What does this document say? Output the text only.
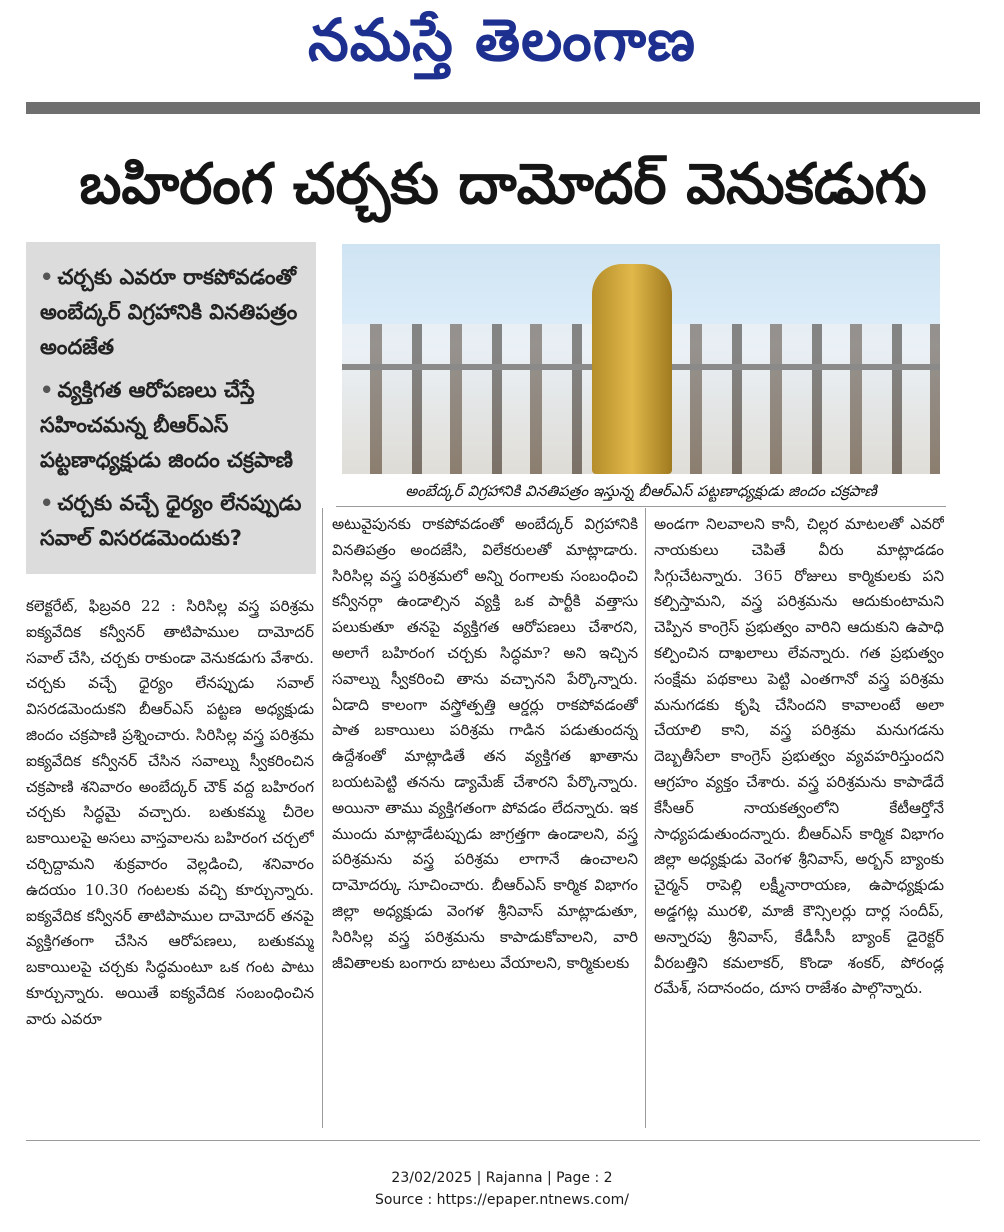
నమస్తే తెలంగాణ
బహిరంగ చర్చకు దామోదర్ వెనుకడుగు
• చర్చకు ఎవరూ రాకపోవడంతో అంబేద్కర్ విగ్రహానికి వినతిపత్రం అందజేత
• వ్యక్తిగత ఆరోపణలు చేస్తే సహించమన్న బీఆర్ఎస్ పట్టణాధ్యక్షుడు జిందం చక్రపాణి
• చర్చకు వచ్చే ధైర్యం లేనప్పుడు సవాల్ విసరడమెందుకు?
అంబేద్కర్ విగ్రహానికి వినతిపత్రం ఇస్తున్న బీఆర్ఎస్ పట్టణాధ్యక్షుడు జిందం చక్రపాణి
కలెక్టరేట్, ఫిబ్రవరి 22 : సిరిసిల్ల వస్త్ర పరిశ్రమ ఐక్యవేదిక కన్వీనర్ తాటిపాముల దామోదర్ సవాల్ చేసి, చర్చకు రాకుండా వెనుకడుగు వేశారు. చర్చకు వచ్చే ధైర్యం లేనప్పుడు సవాల్ విసరడమెందుకని బీఆర్ఎస్ పట్టణ అధ్యక్షుడు జిందం చక్రపాణి ప్రశ్నించారు. సిరిసిల్ల వస్త్ర పరిశ్రమ ఐక్యవేదిక కన్వీనర్ చేసిన సవాల్ను స్వీకరించిన చక్రపాణి శనివారం అంబేద్కర్ చౌక్ వద్ద బహిరంగ చర్చకు సిద్ధమై వచ్చారు. బతుకమ్మ చీరెల బకాయిలపై అసలు వాస్తవాలను బహిరంగ చర్చలో చర్చిద్దామని శుక్రవారం వెల్లడించి, శనివారం ఉదయం 10.30 గంటలకు వచ్చి కూర్చున్నారు. ఐక్యవేదిక కన్వీనర్ తాటిపాముల దామోదర్ తనపై వ్యక్తిగతంగా చేసిన ఆరోపణలు, బతుకమ్మ బకాయిలపై చర్చకు సిద్ధమంటూ ఒక గంట పాటు కూర్చున్నారు. అయితే ఐక్యవేదిక సంబంధించిన వారు ఎవరూ
అటువైపునకు రాకపోవడంతో అంబేద్కర్ విగ్రహానికి వినతిపత్రం అందజేసి, విలేకరులతో మాట్లాడారు. సిరిసిల్ల వస్త్ర పరిశ్రమలో అన్ని రంగాలకు సంబంధించి కన్వీనర్గా ఉండాల్సిన వ్యక్తి ఒక పార్టీకి వత్తాసు పలుకుతూ తనపై వ్యక్తిగత ఆరోపణలు చేశారని, అలాగే బహిరంగ చర్చకు సిద్ధమా? అని ఇచ్చిన సవాల్ను స్వీకరించి తాను వచ్చానని పేర్కొన్నారు. ఏడాది కాలంగా వస్త్రోత్పత్తి ఆర్డర్లు రాకపోవడంతో పాత బకాయిలు పరిశ్రమ గాడిన పడుతుందన్న ఉద్దేశంతో మాట్లాడితే తన వ్యక్తిగత ఖాతాను బయటపెట్టి తనను డ్యామేజ్ చేశారని పేర్కొన్నారు. అయినా తాము వ్యక్తిగతంగా పోవడం లేదన్నారు. ఇక ముందు మాట్లాడేటప్పుడు జాగ్రత్తగా ఉండాలని, వస్త్ర పరిశ్రమను వస్త్ర పరిశ్రమ లాగానే ఉంచాలని దామోదర్కు సూచించారు. బీఆర్ఎస్ కార్మిక విభాగం జిల్లా అధ్యక్షుడు వెంగళ శ్రీనివాస్ మాట్లాడుతూ, సిరిసిల్ల వస్త్ర పరిశ్రమను కాపాడుకోవాలని, వారి జీవితాలకు బంగారు బాటలు వేయాలని, కార్మికులకు
అండగా నిలవాలని కానీ, చిల్లర మాటలతో ఎవరో నాయకులు చెపితే వీరు మాట్లాడడం సిగ్గుచేటన్నారు. 365 రోజులు కార్మికులకు పని కల్పిస్తామని, వస్త్ర పరిశ్రమను ఆదుకుంటామని చెప్పిన కాంగ్రెస్ ప్రభుత్వం వారిని ఆదుకుని ఉపాధి కల్పించిన దాఖలాలు లేవన్నారు. గత ప్రభుత్వం సంక్షేమ పథకాలు పెట్టి ఎంతగానో వస్త్ర పరిశ్రమ మనుగడకు కృషి చేసిందని కావాలంటే అలా చేయాలి కాని, వస్త్ర పరిశ్రమ మనుగడను దెబ్బతీసేలా కాంగ్రెస్ ప్రభుత్వం వ్యవహరిస్తుందని ఆగ్రహం వ్యక్తం చేశారు. వస్త్ర పరిశ్రమను కాపాడేదే కేసీఆర్ నాయకత్వంలోని కేటీఆర్తోనే సాధ్యపడుతుందన్నారు. బీఆర్ఎస్ కార్మిక విభాగం జిల్లా అధ్యక్షుడు వెంగళ శ్రీనివాస్, అర్బన్ బ్యాంకు చైర్మన్ రాపెల్లి లక్ష్మీనారాయణ, ఉపాధ్యక్షుడు అడ్డగట్ల మురళి, మాజీ కౌన్సిలర్లు దార్ల సందీప్, అన్నారపు శ్రీనివాస్, కేడీసీసీ బ్యాంక్ డైరెక్టర్ వీరబత్తిని కమలాకర్, కొండా శంకర్, పోరండ్ల రమేశ్, సదానందం, దూస రాజేశం పాల్గొన్నారు.
23/02/2025 | Rajanna | Page : 2
Source : https://epaper.ntnews.com/
